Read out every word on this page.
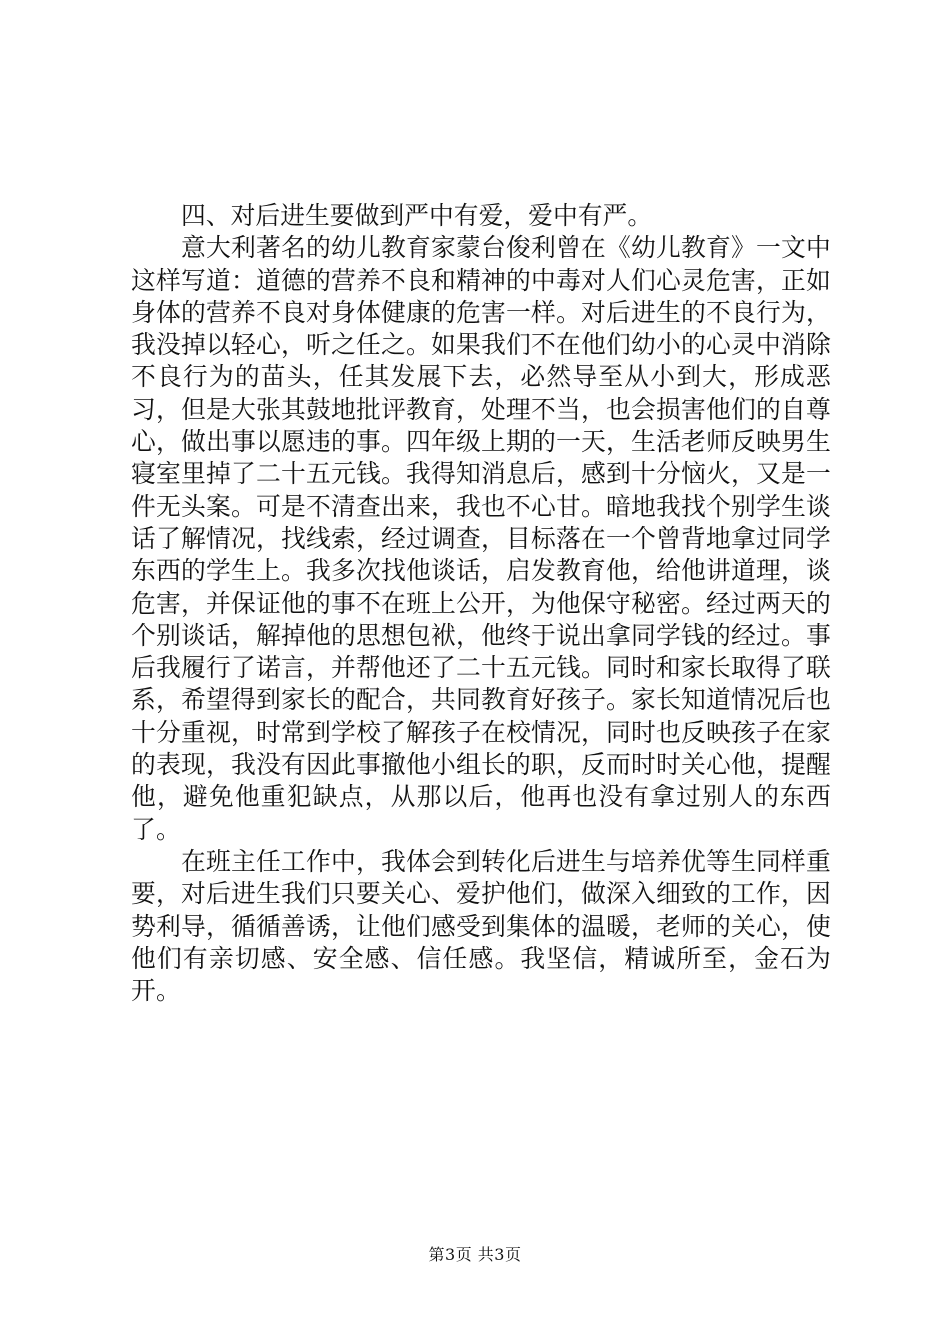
四、对后进生要做到严中有爱，爱中有严。

意大利著名的幼儿教育家蒙台俊利曾在《幼儿教育》一文中这样写道：道德的营养不良和精神的中毒对人们心灵危害，正如身体的营养不良对身体健康的危害一样。对后进生的不良行为，我没掉以轻心，听之任之。如果我们不在他们幼小的心灵中消除不良行为的苗头，任其发展下去，必然导至从小到大，形成恶习，但是大张其鼓地批评教育，处理不当，也会损害他们的自尊心，做出事以愿违的事。四年级上期的一天，生活老师反映男生寝室里掉了二十五元钱。我得知消息后，感到十分恼火，又是一件无头案。可是不清查出来，我也不心甘。暗地我找个别学生谈话了解情况，找线索，经过调查，目标落在一个曾背地拿过同学东西的学生上。我多次找他谈话，启发教育他，给他讲道理，谈危害，并保证他的事不在班上公开，为他保守秘密。经过两天的个别谈话，解掉他的思想包袱，他终于说出拿同学钱的经过。事后我履行了诺言，并帮他还了二十五元钱。同时和家长取得了联系，希望得到家长的配合，共同教育好孩子。家长知道情况后也十分重视，时常到学校了解孩子在校情况，同时也反映孩子在家的表现，我没有因此事撤他小组长的职，反而时时关心他，提醒他，避免他重犯缺点，从那以后，他再也没有拿过别人的东西了。

在班主任工作中，我体会到转化后进生与培养优等生同样重要，对后进生我们只要关心、爱护他们，做深入细致的工作，因势利导，循循善诱，让他们感受到集体的温暖，老师的关心，使他们有亲切感、安全感、信任感。我坚信，精诚所至，金石为开。

第3页 共3页
